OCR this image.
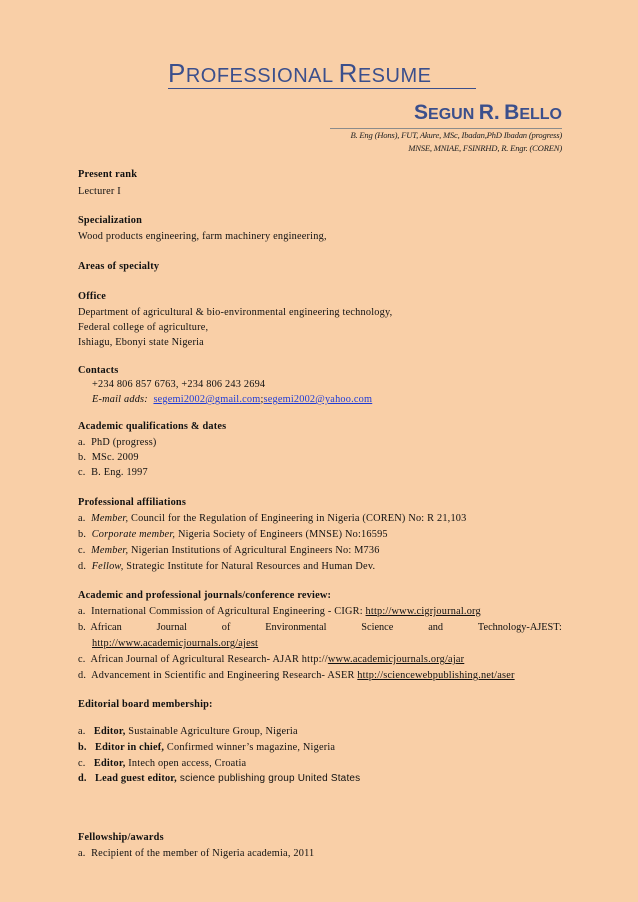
PROFESSIONAL RESUME
SEGUN R. BELLO
B. Eng (Hons), FUT, Akure, MSc, Ibadan,PhD Ibadan (progress)
MNSE, MNIAE, FSINRHD, R. Engr. (COREN)
Present rank
Lecturer I
Specialization
Wood products engineering, farm machinery engineering,
Areas of specialty
Office
Department of agricultural & bio-environmental engineering technology,
Federal college of agriculture,
Ishiagu, Ebonyi state Nigeria
Contacts
+234 806 857 6763, +234 806 243 2694
E-mail adds: segemi2002@gmail.com;segemi2002@yahoo.com
Academic qualifications & dates
a. PhD (progress)
b. MSc. 2009
c. B. Eng. 1997
Professional affiliations
a. Member, Council for the Regulation of Engineering in Nigeria (COREN) No: R 21,103
b. Corporate member, Nigeria Society of Engineers (MNSE) No:16595
c. Member, Nigerian Institutions of Agricultural Engineers No: M736
d. Fellow, Strategic Institute for Natural Resources and Human Dev.
Academic and professional journals/conference review:
a.  International Commission of Agricultural Engineering - CIGR: http://www.cigrjournal.org
b.  African	Journal	of	Environmental	Science	and	Technology-AJEST:
http://www.academicjournals.org/ajest
c.  African Journal of Agricultural Research- AJAR http://www.academicjournals.org/ajar
d.  Advancement in Scientific and Engineering Research- ASER http://sciencewebpublishing.net/aser
Editorial board membership:
a. Editor, Sustainable Agriculture Group, Nigeria
b. Editor in chief, Confirmed winner’s magazine, Nigeria
c. Editor, Intech open access, Croatia
d. Lead guest editor, science publishing group United States
Fellowship/awards
a. Recipient of the member of Nigeria academia, 2011
